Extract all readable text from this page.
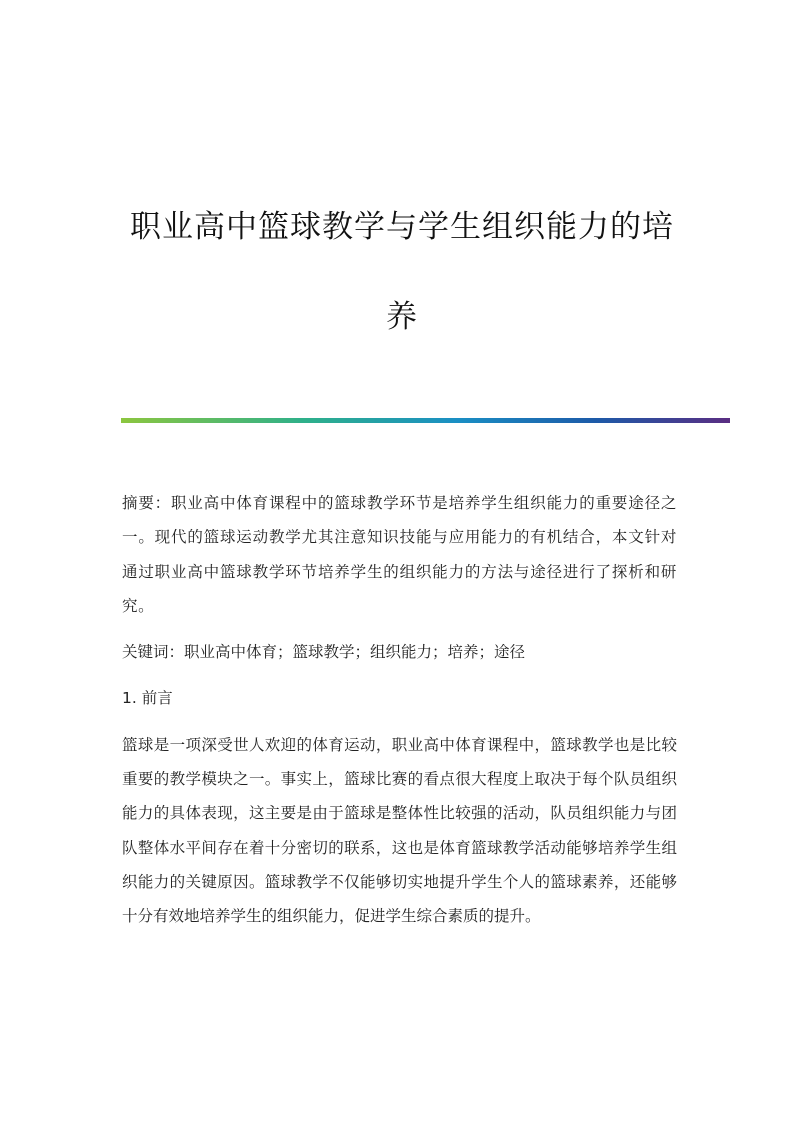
职业高中篮球教学与学生组织能力的培养

摘要：职业高中体育课程中的篮球教学环节是培养学生组织能力的重要途径之一。现代的篮球运动教学尤其注意知识技能与应用能力的有机结合，本文针对通过职业高中篮球教学环节培养学生的组织能力的方法与途径进行了探析和研究。

关键词：职业高中体育；篮球教学；组织能力；培养；途径

1. 前言

篮球是一项深受世人欢迎的体育运动，职业高中体育课程中，篮球教学也是比较重要的教学模块之一。事实上，篮球比赛的看点很大程度上取决于每个队员组织能力的具体表现，这主要是由于篮球是整体性比较强的活动，队员组织能力与团队整体水平间存在着十分密切的联系，这也是体育篮球教学活动能够培养学生组织能力的关键原因。篮球教学不仅能够切实地提升学生个人的篮球素养，还能够十分有效地培养学生的组织能力，促进学生综合素质的提升。
